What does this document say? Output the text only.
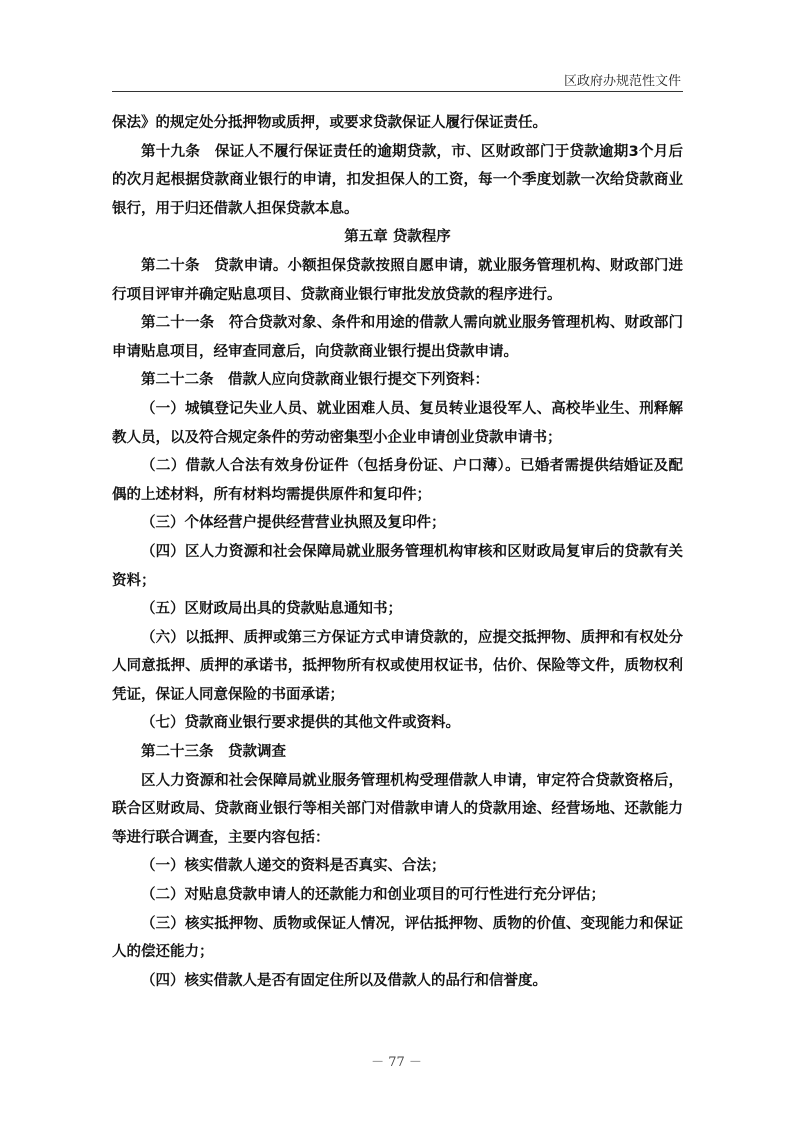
区政府办规范性文件

保法》的规定处分抵押物或质押，或要求贷款保证人履行保证责任。

第十九条　保证人不履行保证责任的逾期贷款，市、区财政部门于贷款逾期3个月后的次月起根据贷款商业银行的申请，扣发担保人的工资，每一个季度划款一次给贷款商业银行，用于归还借款人担保贷款本息。

第五章 贷款程序

第二十条　贷款申请。小额担保贷款按照自愿申请，就业服务管理机构、财政部门进行项目评审并确定贴息项目、贷款商业银行审批发放贷款的程序进行。

第二十一条　符合贷款对象、条件和用途的借款人需向就业服务管理机构、财政部门申请贴息项目，经审查同意后，向贷款商业银行提出贷款申请。

第二十二条　借款人应向贷款商业银行提交下列资料：

（一）城镇登记失业人员、就业困难人员、复员转业退役军人、高校毕业生、刑释解教人员，以及符合规定条件的劳动密集型小企业申请创业贷款申请书；

（二）借款人合法有效身份证件（包括身份证、户口薄）。已婚者需提供结婚证及配偶的上述材料，所有材料均需提供原件和复印件；

（三）个体经营户提供经营营业执照及复印件；

（四）区人力资源和社会保障局就业服务管理机构审核和区财政局复审后的贷款有关资料；

（五）区财政局出具的贷款贴息通知书；

（六）以抵押、质押或第三方保证方式申请贷款的，应提交抵押物、质押和有权处分人同意抵押、质押的承诺书，抵押物所有权或使用权证书，估价、保险等文件，质物权利凭证，保证人同意保险的书面承诺；

（七）贷款商业银行要求提供的其他文件或资料。

第二十三条　贷款调查

区人力资源和社会保障局就业服务管理机构受理借款人申请，审定符合贷款资格后，联合区财政局、贷款商业银行等相关部门对借款申请人的贷款用途、经营场地、还款能力等进行联合调查，主要内容包括：

（一）核实借款人递交的资料是否真实、合法；

（二）对贴息贷款申请人的还款能力和创业项目的可行性进行充分评估；

（三）核实抵押物、质物或保证人情况，评估抵押物、质物的价值、变现能力和保证人的偿还能力；

（四）核实借款人是否有固定住所以及借款人的品行和信誉度。

－ 77 －
